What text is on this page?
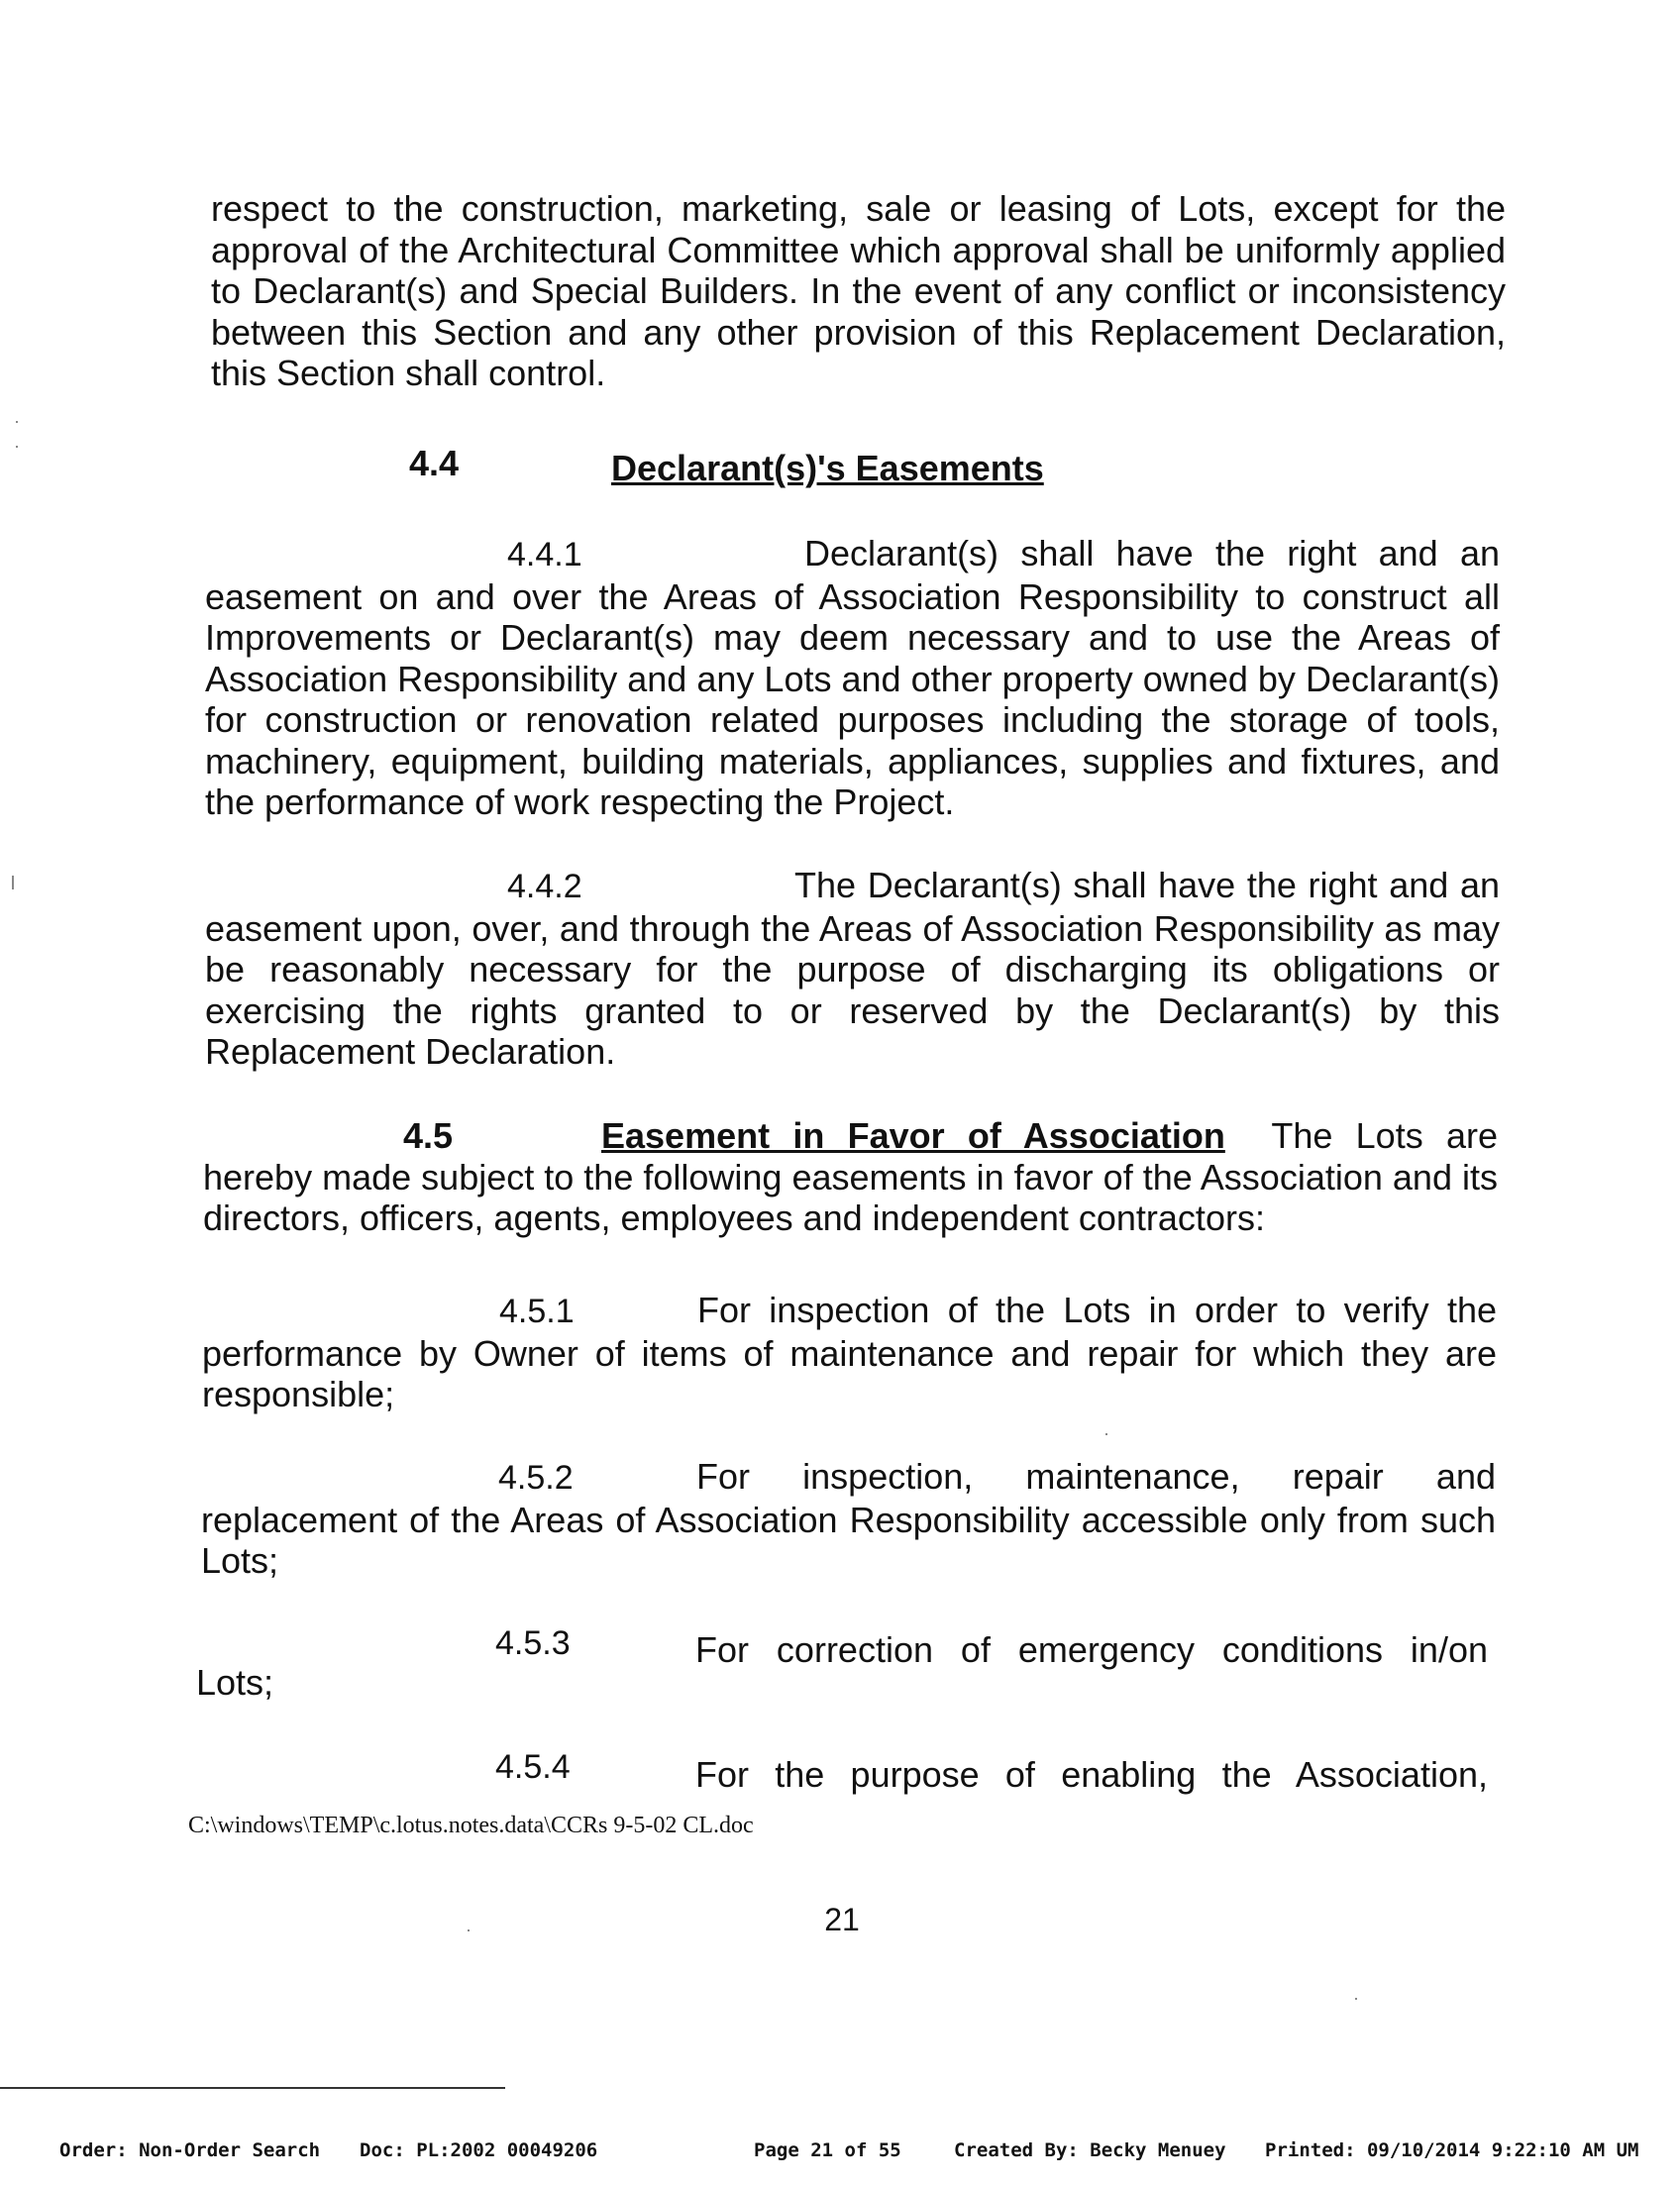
respect to the construction, marketing, sale or leasing of Lots, except for the approval of the Architectural Committee which approval shall be uniformly applied to Declarant(s) and Special Builders. In the event of any conflict or inconsistency between this Section and any other provision of this Replacement Declaration, this Section shall control.

4.4	Declarant(s)'s Easements

4.4.1	Declarant(s) shall have the right and an easement on and over the Areas of Association Responsibility to construct all Improvements or Declarant(s) may deem necessary and to use the Areas of Association Responsibility and any Lots and other property owned by Declarant(s) for construction or renovation related purposes including the storage of tools, machinery, equipment, building materials, appliances, supplies and fixtures, and the performance of work respecting the Project.

4.4.2	The Declarant(s) shall have the right and an easement upon, over, and through the Areas of Association Responsibility as may be reasonably necessary for the purpose of discharging its obligations or exercising the rights granted to or reserved by the Declarant(s) by this Replacement Declaration.

4.5	Easement in Favor of Association The Lots are hereby made subject to the following easements in favor of the Association and its directors, officers, agents, employees and independent contractors:

4.5.1	For inspection of the Lots in order to verify the performance by Owner of items of maintenance and repair for which they are responsible;

4.5.2	For inspection, maintenance, repair and replacement of the Areas of Association Responsibility accessible only from such Lots;

4.5.3	For correction of emergency conditions in/on
Lots;
4.5.4	For the purpose of enabling the Association,
C:\windows\TEMP\c.lotus.notes.data\CCRs 9-5-02 CL.doc
21
Order: Non-Order Search Doc: PL:2002 00049206	Page 21 of 55	Created By: Becky Menuey Printed: 09/10/2014 9:22:10 AM UM
